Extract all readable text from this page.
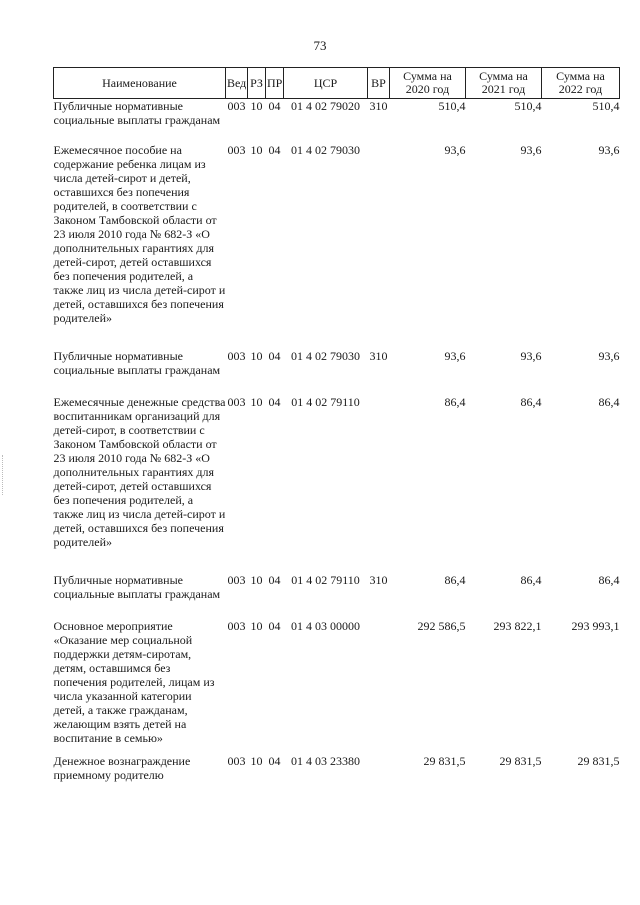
73
Наименование	Вед	РЗ	ПР	ЦСР	ВР	Сумма на 2020 год	Сумма на 2021 год	Сумма на 2022 год
Публичные нормативные социальные выплаты гражданам	003	10	04	01 4 02 79020	310	510,4	510,4	510,4
Ежемесячное пособие на содержание ребенка лицам из числа детей-сирот и детей, оставшихся без попечения родителей, в соответствии с Законом Тамбовской области от 23 июля 2010 года № 682-З «О дополнительных гарантиях для детей-сирот, детей оставшихся без попечения родителей, а также лиц из числа детей-сирот и детей, оставшихся без попечения родителей»	003	10	04	01 4 02 79030		93,6	93,6	93,6
Публичные нормативные социальные выплаты гражданам	003	10	04	01 4 02 79030	310	93,6	93,6	93,6
Ежемесячные денежные средства воспитанникам организаций для детей-сирот, в соответствии с Законом Тамбовской области от 23 июля 2010 года № 682-З «О дополнительных гарантиях для детей-сирот, детей оставшихся без попечения родителей, а также лиц из числа детей-сирот и детей, оставшихся без попечения родителей»	003	10	04	01 4 02 79110		86,4	86,4	86,4
Публичные нормативные социальные выплаты гражданам	003	10	04	01 4 02 79110	310	86,4	86,4	86,4
Основное мероприятие «Оказание мер социальной поддержки детям-сиротам, детям, оставшимся без попечения родителей, лицам из числа указанной категории детей, а также гражданам, желающим взять детей на воспитание в семью»	003	10	04	01 4 03 00000		292 586,5	293 822,1	293 993,1
Денежное вознаграждение приемному родителю	003	10	04	01 4 03 23380		29 831,5	29 831,5	29 831,5
